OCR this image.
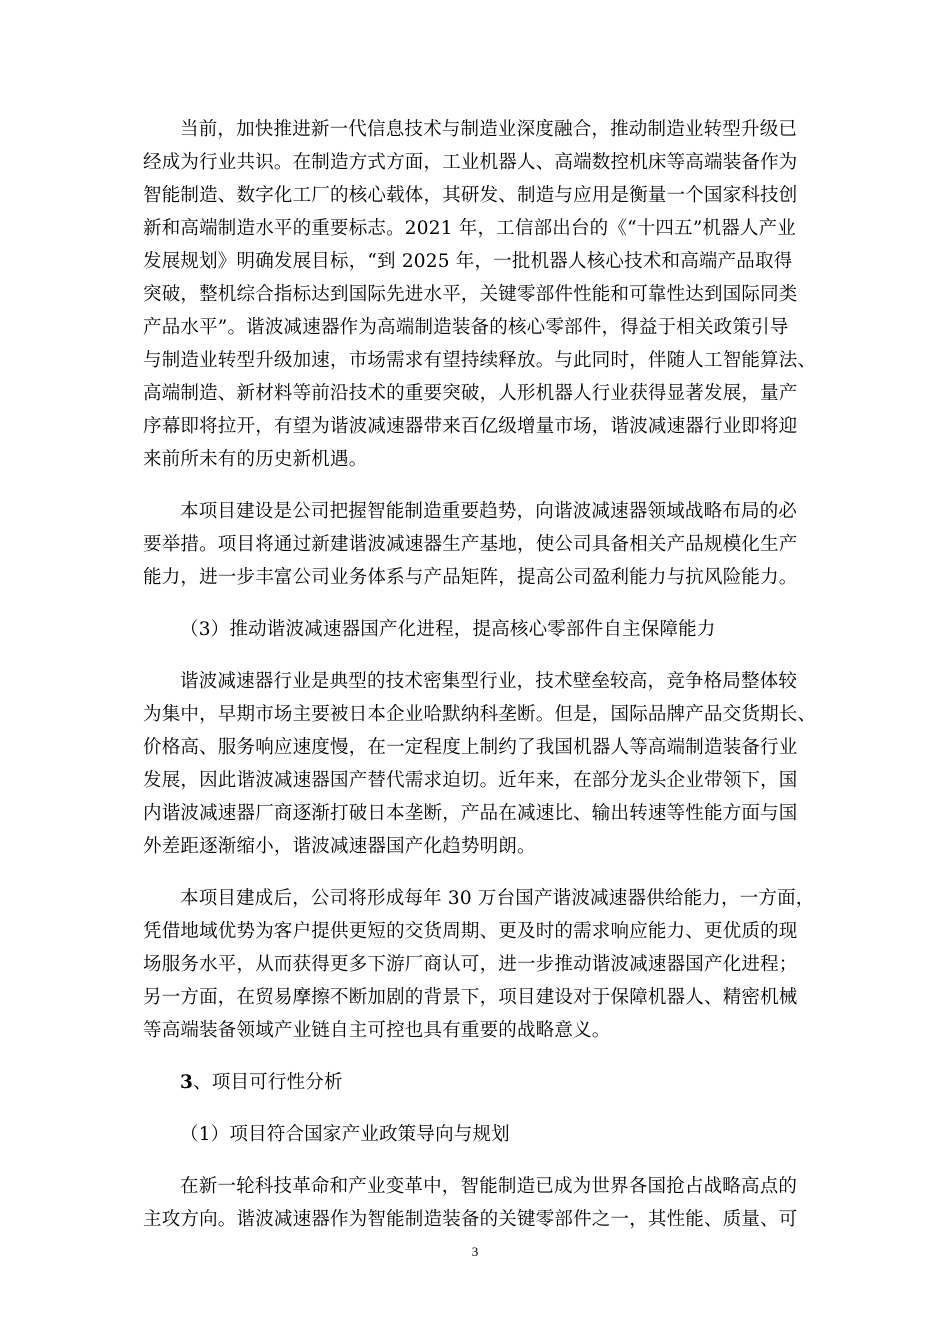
当前，加快推进新一代信息技术与制造业深度融合，推动制造业转型升级已
经成为行业共识。在制造方式方面，工业机器人、高端数控机床等高端装备作为
智能制造、数字化工厂的核心载体，其研发、制造与应用是衡量一个国家科技创
新和高端制造水平的重要标志。2021 年，工信部出台的《“十四五”机器人产业
发展规划》明确发展目标，“到 2025 年，一批机器人核心技术和高端产品取得
突破，整机综合指标达到国际先进水平，关键零部件性能和可靠性达到国际同类
产品水平”。谐波减速器作为高端制造装备的核心零部件，得益于相关政策引导
与制造业转型升级加速，市场需求有望持续释放。与此同时，伴随人工智能算法、
高端制造、新材料等前沿技术的重要突破，人形机器人行业获得显著发展，量产
序幕即将拉开，有望为谐波减速器带来百亿级增量市场，谐波减速器行业即将迎
来前所未有的历史新机遇。

本项目建设是公司把握智能制造重要趋势，向谐波减速器领域战略布局的必
要举措。项目将通过新建谐波减速器生产基地，使公司具备相关产品规模化生产
能力，进一步丰富公司业务体系与产品矩阵，提高公司盈利能力与抗风险能力。

（3）推动谐波减速器国产化进程，提高核心零部件自主保障能力

谐波减速器行业是典型的技术密集型行业，技术壁垒较高，竞争格局整体较
为集中，早期市场主要被日本企业哈默纳科垄断。但是，国际品牌产品交货期长、
价格高、服务响应速度慢，在一定程度上制约了我国机器人等高端制造装备行业
发展，因此谐波减速器国产替代需求迫切。近年来，在部分龙头企业带领下，国
内谐波减速器厂商逐渐打破日本垄断，产品在减速比、输出转速等性能方面与国
外差距逐渐缩小，谐波减速器国产化趋势明朗。

本项目建成后，公司将形成每年 30 万台国产谐波减速器供给能力，一方面，
凭借地域优势为客户提供更短的交货周期、更及时的需求响应能力、更优质的现
场服务水平，从而获得更多下游厂商认可，进一步推动谐波减速器国产化进程；
另一方面，在贸易摩擦不断加剧的背景下，项目建设对于保障机器人、精密机械
等高端装备领域产业链自主可控也具有重要的战略意义。

3、项目可行性分析

（1）项目符合国家产业政策导向与规划

在新一轮科技革命和产业变革中，智能制造已成为世界各国抢占战略高点的
主攻方向。谐波减速器作为智能制造装备的关键零部件之一，其性能、质量、可

3
